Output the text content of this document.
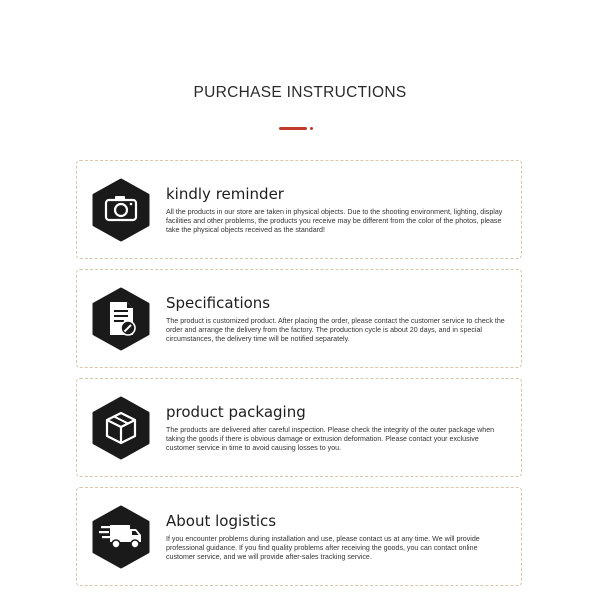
PURCHASE INSTRUCTIONS
kindly reminder
All the products in our store are taken in physical objects. Due to the shooting environment, lighting, display facilities and other problems, the products you receive may be different from the color of the photos, please take the physical objects received as the standard!
Specifications
The product is customized product. After placing the order, please contact the customer service to check the order and arrange the delivery from the factory. The production cycle is about 20 days, and in special circumstances, the delivery time will be notified separately.
product packaging
The products are delivered after careful inspection. Please check the integrity of the outer package when taking the goods if there is obvious damage or extrusion deformation. Please contact your exclusive customer service in time to avoid causing losses to you.
About logistics
If you encounter problems during installation and use, please contact us at any time. We will provide professional guidance. If you find quality problems after receiving the goods, you can contact online customer service, and we will provide after-sales tracking service.
